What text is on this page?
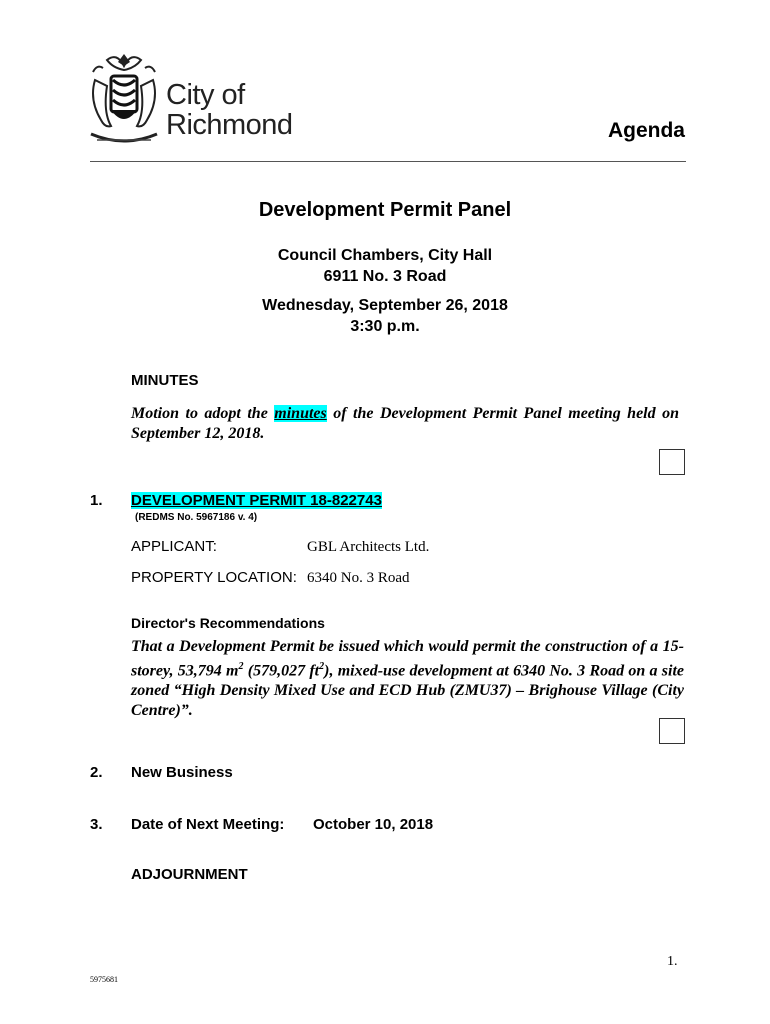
City of
Richmond	Agenda
Development Permit Panel
Council Chambers, City Hall
6911 No. 3 Road
Wednesday, September 26, 2018
3:30 p.m.
MINUTES
Motion to adopt the minutes of the Development Permit Panel meeting held on
September 12, 2018.
1. DEVELOPMENT PERMIT 18-822743
(REDMS No. 5967186 v. 4)
APPLICANT:	GBL Architects Ltd.
PROPERTY LOCATION: 6340 No. 3 Road
Director's Recommendations
That a Development Permit be issued which would permit the construction of a 15-
storey, 53,794 $m^2$ (579,027 $ft^2$), mixed-use development at 6340 No. 3 Road on a site
zoned “High Density Mixed Use and ECD Hub (ZMU37) – Brighouse Village (City
Centre)”.
2. New Business
3. Date of Next Meeting: October 10, 2018
ADJOURNMENT
1.
5975681
